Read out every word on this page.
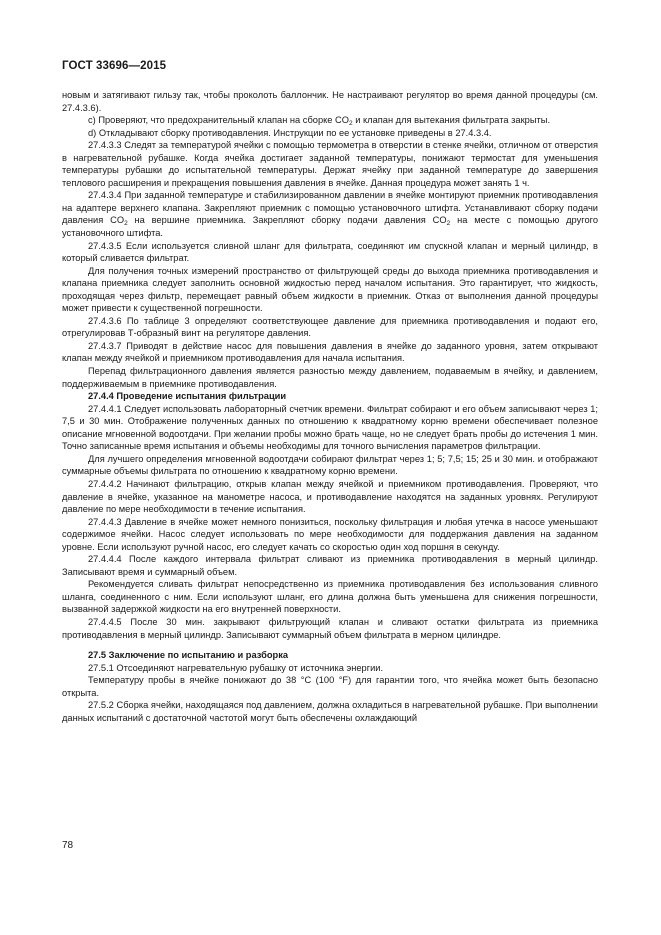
ГОСТ 33696—2015

новым и затягивают гильзу так, чтобы проколоть баллончик. Не настраивают регулятор во время данной процедуры (см. 27.4.3.6).

c) Проверяют, что предохранительный клапан на сборке $CO_2$ и клапан для вытекания фильтрата закрыты.

d) Откладывают сборку противодавления. Инструкции по ее установке приведены в 27.4.3.4.

27.4.3.3 Следят за температурой ячейки с помощью термометра в отверстии в стенке ячейки, отличном от отверстия в нагревательной рубашке. Когда ячейка достигает заданной температуры, понижают термостат для уменьшения температуры рубашки до испытательной температуры. Держат ячейку при заданной температуре до завершения теплового расширения и прекращения повышения давления в ячейке. Данная процедура может занять 1 ч.

27.4.3.4 При заданной температуре и стабилизированном давлении в ячейке монтируют приемник противодавления на адаптере верхнего клапана. Закрепляют приемник с помощью установочного штифта. Устанавливают сборку подачи давления $CO_2$ на вершине приемника. Закрепляют сборку подачи давления $CO_2$ на месте с помощью другого установочного штифта.

27.4.3.5 Если используется сливной шланг для фильтрата, соединяют им спускной клапан и мерный цилиндр, в который сливается фильтрат.

Для получения точных измерений пространство от фильтрующей среды до выхода приемника противодавления и клапана приемника следует заполнить основной жидкостью перед началом испытания. Это гарантирует, что жидкость, проходящая через фильтр, перемещает равный объем жидкости в приемник. Отказ от выполнения данной процедуры может привести к существенной погрешности.

27.4.3.6 По таблице 3 определяют соответствующее давление для приемника противодавления и подают его, отрегулировав Т-образный винт на регуляторе давления.

27.4.3.7 Приводят в действие насос для повышения давления в ячейке до заданного уровня, затем открывают клапан между ячейкой и приемником противодавления для начала испытания.

Перепад фильтрационного давления является разностью между давлением, подаваемым в ячейку, и давлением, поддерживаемым в приемнике противодавления.

27.4.4 Проведение испытания фильтрации

27.4.4.1 Следует использовать лабораторный счетчик времени. Фильтрат собирают и его объем записывают через 1; 7,5 и 30 мин. Отображение полученных данных по отношению к квадратному корню времени обеспечивает полезное описание мгновенной водоотдачи. При желании пробы можно брать чаще, но не следует брать пробы до истечения 1 мин. Точно записанные время испытания и объемы необходимы для точного вычисления параметров фильтрации.

Для лучшего определения мгновенной водоотдачи собирают фильтрат через 1; 5; 7,5; 15; 25 и 30 мин. и отображают суммарные объемы фильтрата по отношению к квадратному корню времени.

27.4.4.2 Начинают фильтрацию, открыв клапан между ячейкой и приемником противодавления. Проверяют, что давление в ячейке, указанное на манометре насоса, и противодавление находятся на заданных уровнях. Регулируют давление по мере необходимости в течение испытания.

27.4.4.3 Давление в ячейке может немного понизиться, поскольку фильтрация и любая утечка в насосе уменьшают содержимое ячейки. Насос следует использовать по мере необходимости для поддержания давления на заданном уровне. Если используют ручной насос, его следует качать со скоростью один ход поршня в секунду.

27.4.4.4 После каждого интервала фильтрат сливают из приемника противодавления в мерный цилиндр. Записывают время и суммарный объем.

Рекомендуется сливать фильтрат непосредственно из приемника противодавления без использования сливного шланга, соединенного с ним. Если используют шланг, его длина должна быть уменьшена для снижения погрешности, вызванной задержкой жидкости на его внутренней поверхности.

27.4.4.5 После 30 мин. закрывают фильтрующий клапан и сливают остатки фильтрата из приемника противодавления в мерный цилиндр. Записывают суммарный объем фильтрата в мерном цилиндре.

27.5 Заключение по испытанию и разборка

27.5.1 Отсоединяют нагревательную рубашку от источника энергии.

Температуру пробы в ячейке понижают до 38 °C (100 °F) для гарантии того, что ячейка может быть безопасно открыта.

27.5.2 Сборка ячейки, находящаяся под давлением, должна охладиться в нагревательной рубашке. При выполнении данных испытаний с достаточной частотой могут быть обеспечены охлаждающий

78
